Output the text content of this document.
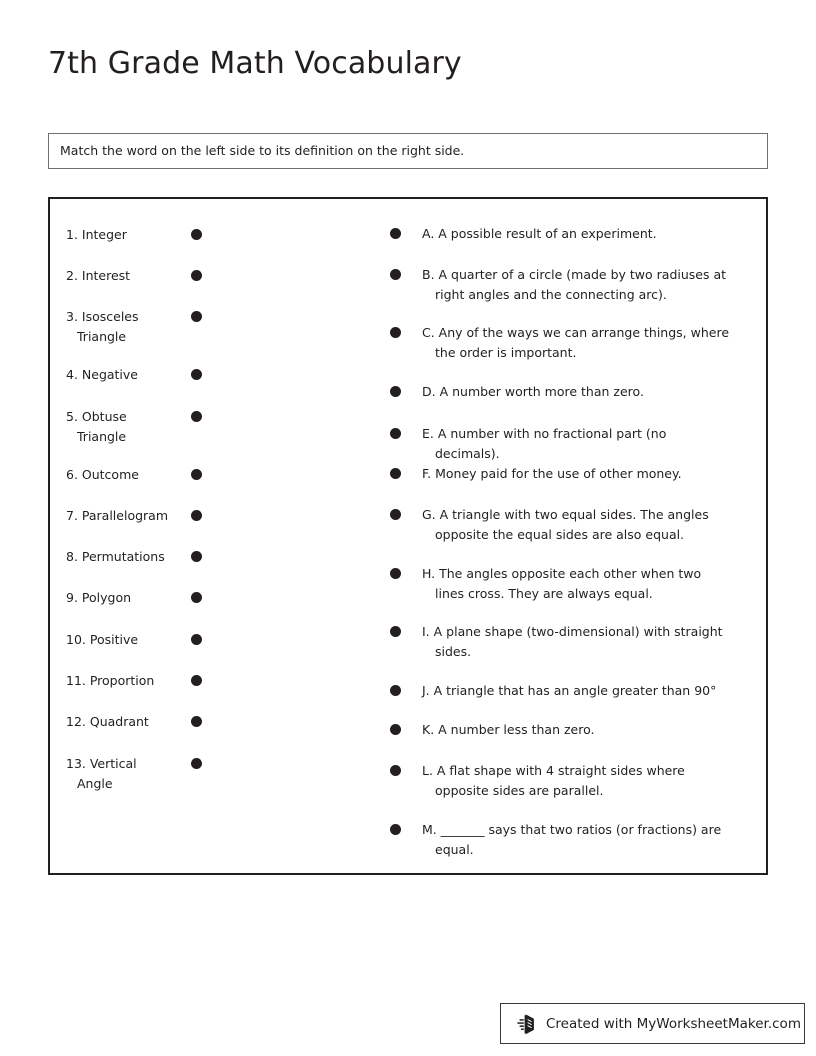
7th Grade Math Vocabulary
Match the word on the left side to its definition on the right side.
1. Integer
2. Interest
3. Isosceles Triangle
4. Negative
5. Obtuse Triangle
6. Outcome
7. Parallelogram
8. Permutations
9. Polygon
10. Positive
11. Proportion
12. Quadrant
13. Vertical Angle
A. A possible result of an experiment.
B. A quarter of a circle (made by two radiuses at right angles and the connecting arc).
C. Any of the ways we can arrange things, where the order is important.
D. A number worth more than zero.
E. A number with no fractional part (no decimals).
F. Money paid for the use of other money.
G. A triangle with two equal sides. The angles opposite the equal sides are also equal.
H. The angles opposite each other when two lines cross. They are always equal.
I. A plane shape (two-dimensional) with straight sides.
J. A triangle that has an angle greater than 90°
K. A number less than zero.
L. A flat shape with 4 straight sides where opposite sides are parallel.
M. _______ says that two ratios (or fractions) are equal.
Created with MyWorksheetMaker.com
